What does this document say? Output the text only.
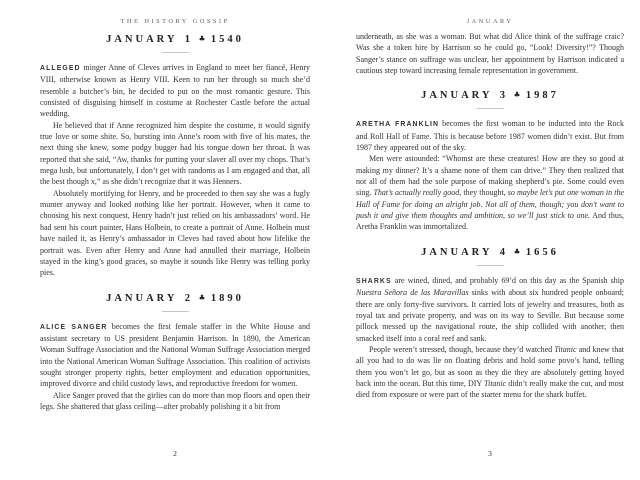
THE HISTORY GOSSIP
JANUARY 1 ♣ 1540

ALLEGED minger Anne of Cleves arrives in England to meet her fiancé, Henry VIII, otherwise known as Henry VIII. Keen to run her through so much she’d resemble a butcher’s bin, he decided to put on the most romantic gesture. This consisted of disguising himself in costume at Rochester Castle before the actual wedding.

He believed that if Anne recognized him despite the costume, it would signify true love or some shite. So, bursting into Anne’s room with five of his mates, the next thing she knew, some podgy bugger had his tongue down her throat. It was reported that she said, “Aw, thanks for putting your slaver all over my chops. That’s mega lush, but unfortunately, I don’t get with randoms as I am engaged and that, all the best though x,” as she didn’t recognize that it was Henners.

Absolutely mortifying for Henry, and he proceeded to then say she was a fugly munter anyway and looked nothing like her portrait. However, when it came to choosing his next conquest, Henry hadn’t just relied on his ambassadors’ word. He had sent his court painter, Hans Holbein, to create a portrait of Anne. Holbein must have nailed it, as Henry’s ambassador in Cleves had raved about how lifelike the portrait was. Even after Henry and Anne had annulled their marriage, Holbein stayed in the king’s good graces, so maybe it sounds like Henry was telling porky pies.

JANUARY 2 ♣ 1890

ALICE SANGER becomes the first female staffer in the White House and assistant secretary to US president Benjamin Harrison. In 1890, the American Woman Suffrage Association and the National Woman Suffrage Association merged into the National American Woman Suffrage Association. This coalition of activists sought stronger property rights, better employment and education opportunities, improved divorce and child custody laws, and reproductive freedom for women.

Alice Sanger proved that the girlies can do more than mop floors and open their legs. She shattered that glass ceiling—after probably polishing it a bit from

2
JANUARY

underneath, as she was a woman. But what did Alice think of the suffrage craic? Was she a token hire by Harrison so he could go, “Look! Diversity!”? Though Sanger’s stance on suffrage was unclear, her appointment by Harrison indicated a cautious step toward increasing female representation in government.

JANUARY 3 ♣ 1987

ARETHA FRANKLIN becomes the first woman to be inducted into the Rock and Roll Hall of Fame. This is because before 1987 women didn’t exist. But from 1987 they appeared out of the sky.

Men were astounded: “Whomst are these creatures! How are they so good at making my dinner? It’s a shame none of them can drive.” They then realized that not all of them had the sole purpose of making shepherd’s pie. Some could even sing. That’s actually really good, they thought, so maybe let’s put one woman in the Hall of Fame for doing an alright job. Not all of them, though; you don’t want to push it and give them thoughts and ambition, so we’ll just stick to one. And thus, Aretha Franklin was immortalized.

JANUARY 4 ♣ 1656

SHARKS are wined, dined, and probably 69’d on this day as the Spanish ship Nuestra Señora de las Maravillas sinks with about six hundred people onboard; there are only forty-five survivors. It carried lots of jewelry and treasures, both as royal tax and private property, and was on its way to Seville. But because some pillock messed up the navigational route, the ship collided with another, then smacked itself into a coral reef and sank.

People weren’t stressed, though, because they’d watched Titanic and knew that all you had to do was lie on floating debris and hold some povo’s hand, telling them you won’t let go, but as soon as they die they are absolutely getting hoyed back into the ocean. But this time, DIY Titanic didn’t really make the cut, and most died from exposure or were part of the starter menu for the shark buffet.

3
